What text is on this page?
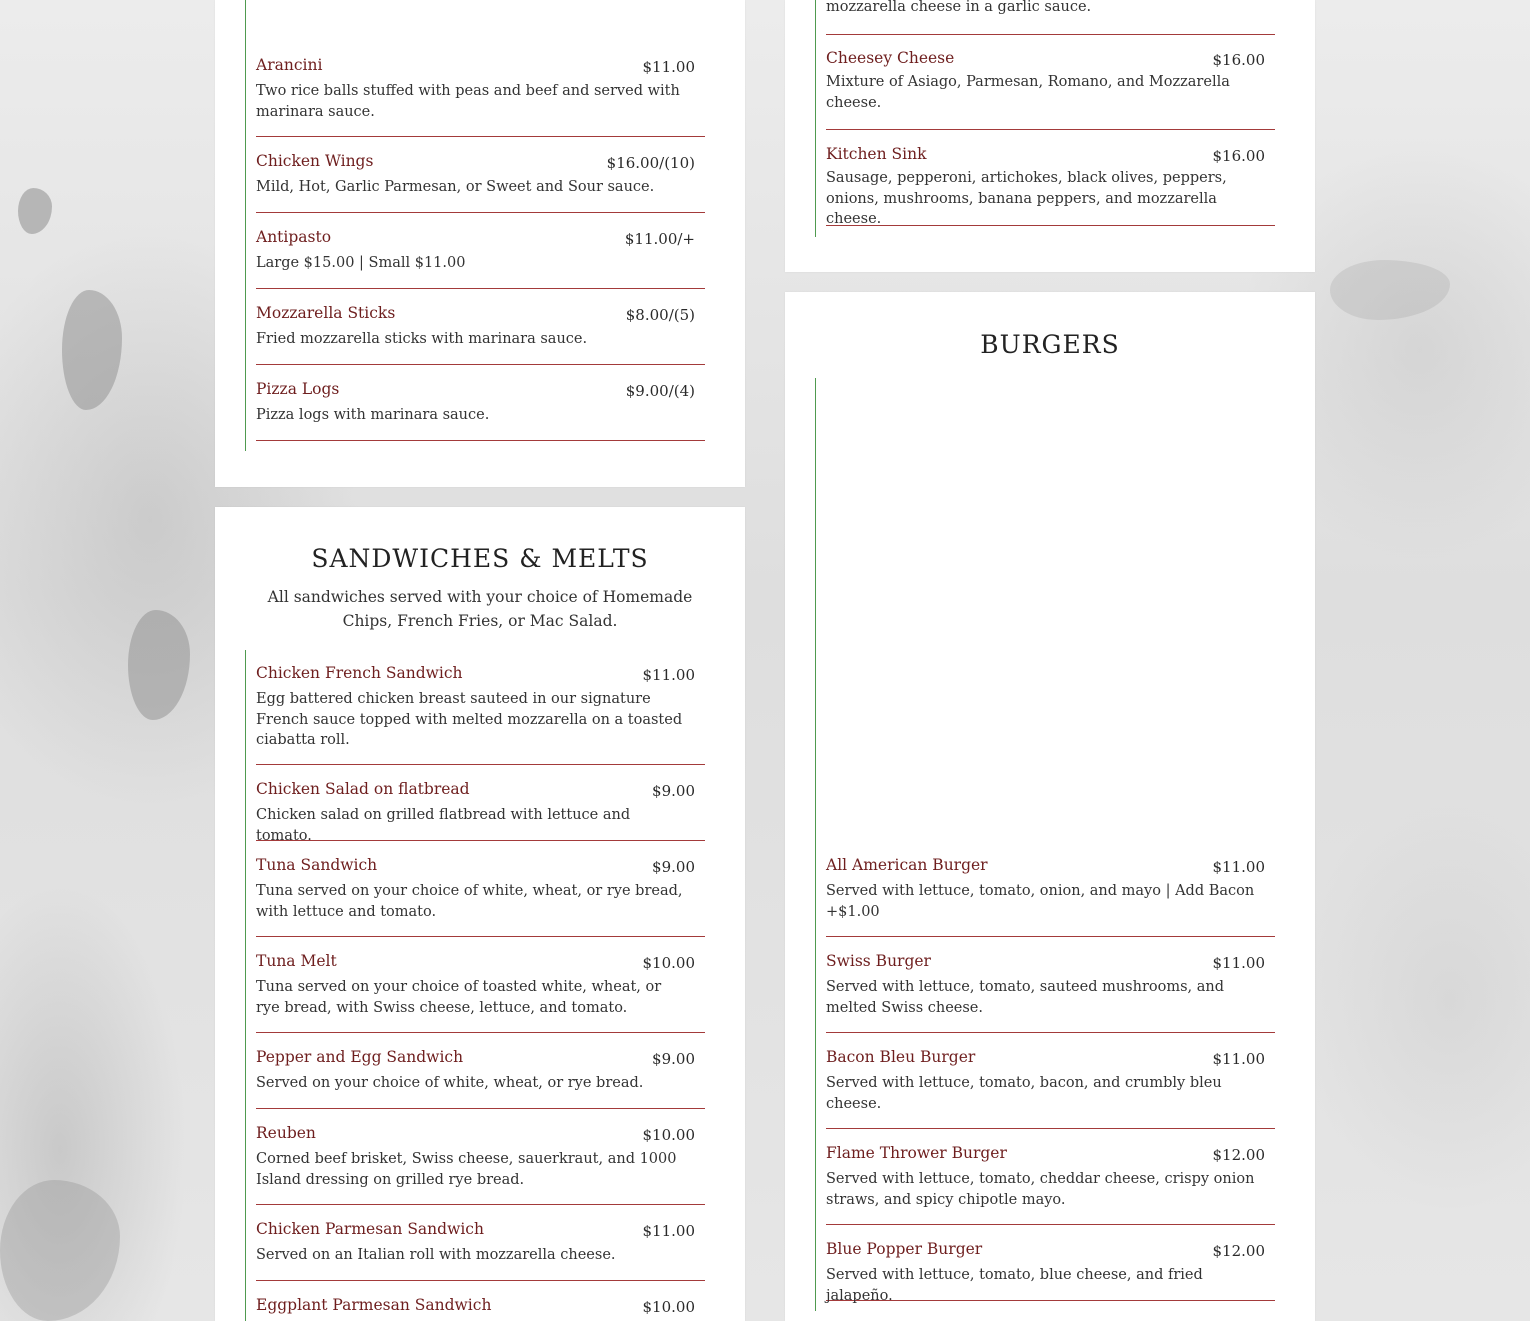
Arancini	$11.00
Two rice balls stuffed with peas and beef and served with marinara sauce.
Chicken Wings	$16.00/(10)
Mild, Hot, Garlic Parmesan, or Sweet and Sour sauce.
Antipasto	$11.00/+
Large $15.00 | Small $11.00
Mozzarella Sticks	$8.00/(5)
Fried mozzarella sticks with marinara sauce.
Pizza Logs	$9.00/(4)
Pizza logs with marinara sauce.
SANDWICHES & MELTS
All sandwiches served with your choice of Homemade Chips, French Fries, or Mac Salad.
Chicken French Sandwich	$11.00
Egg battered chicken breast sauteed in our signature French sauce topped with melted mozzarella on a toasted ciabatta roll.
Chicken Salad on flatbread	$9.00
Chicken salad on grilled flatbread with lettuce and tomato.
Tuna Sandwich	$9.00
Tuna served on your choice of white, wheat, or rye bread, with lettuce and tomato.
Tuna Melt	$10.00
Tuna served on your choice of toasted white, wheat, or rye bread, with Swiss cheese, lettuce, and tomato.
Pepper and Egg Sandwich	$9.00
Served on your choice of white, wheat, or rye bread.
Reuben	$10.00
Corned beef brisket, Swiss cheese, sauerkraut, and 1000 Island dressing on grilled rye bread.
Chicken Parmesan Sandwich	$11.00
Served on an Italian roll with mozzarella cheese.
Eggplant Parmesan Sandwich	$10.00
mozzarella cheese in a garlic sauce.
Cheesey Cheese	$16.00
Mixture of Asiago, Parmesan, Romano, and Mozzarella cheese.
Kitchen Sink	$16.00
Sausage, pepperoni, artichokes, black olives, peppers, onions, mushrooms, banana peppers, and mozzarella cheese.
BURGERS
All American Burger	$11.00
Served with lettuce, tomato, onion, and mayo | Add Bacon +$1.00
Swiss Burger	$11.00
Served with lettuce, tomato, sauteed mushrooms, and melted Swiss cheese.
Bacon Bleu Burger	$11.00
Served with lettuce, tomato, bacon, and crumbly bleu cheese.
Flame Thrower Burger	$12.00
Served with lettuce, tomato, cheddar cheese, crispy onion straws, and spicy chipotle mayo.
Blue Popper Burger	$12.00
Served with lettuce, tomato, blue cheese, and fried jalapeño.
